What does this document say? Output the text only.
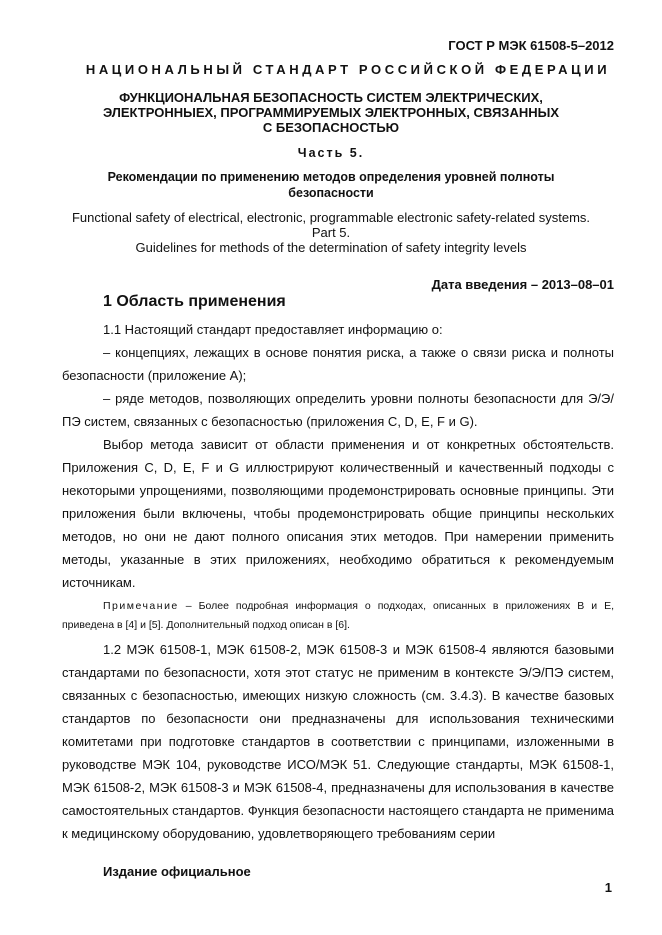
ГОСТ Р МЭК 61508-5–2012
НАЦИОНАЛЬНЫЙ СТАНДАРТ РОССИЙСКОЙ ФЕДЕРАЦИИ
ФУНКЦИОНАЛЬНАЯ БЕЗОПАСНОСТЬ СИСТЕМ ЭЛЕКТРИЧЕСКИХ,
ЭЛЕКТРОННЫЕХ, ПРОГРАММИРУЕМЫХ ЭЛЕКТРОННЫХ, СВЯЗАННЫХ
С БЕЗОПАСНОСТЬЮ
Часть 5.
Рекомендации по применению методов определения уровней полноты
безопасности
Functional safety of electrical, electronic, programmable electronic safety-related systems.
Part 5.
Guidelines for methods of the determination of safety integrity levels
Дата введения – 2013–08–01
1 Область применения

1.1 Настоящий стандарт предоставляет информацию о:

– концепциях, лежащих в основе понятия риска, а также о связи риска и полноты безопасности (приложение А);

– ряде методов, позволяющих определить уровни полноты безопасности для Э/Э/ПЭ систем, связанных с безопасностью (приложения С, D, E, F и G).

Выбор метода зависит от области применения и от конкретных обстоятельств. Приложения C, D, E, F и G иллюстрируют количественный и качественный подходы с некоторыми упрощениями, позволяющими продемонстрировать основные принципы. Эти приложения были включены, чтобы продемонстрировать общие принципы нескольких методов, но они не дают полного описания этих методов. При намерении применить методы, указанные в этих приложениях, необходимо обратиться к рекомендуемым источникам.

Примечание – Более подробная информация о подходах, описанных в приложениях B и E, приведена в [4] и [5]. Дополнительный подход описан в [6].

1.2 МЭК 61508-1, МЭК 61508-2, МЭК 61508-3 и МЭК 61508-4 являются базовыми стандартами по безопасности, хотя этот статус не применим в контексте Э/Э/ПЭ систем, связанных с безопасностью, имеющих низкую сложность (см. 3.4.3). В качестве базовых стандартов по безопасности они предназначены для использования техническими комитетами при подготовке стандартов в соответствии с принципами, изложенными в руководстве МЭК 104, руководстве ИСО/МЭК 51. Следующие стандарты, МЭК 61508-1, МЭК 61508-2, МЭК 61508-3 и МЭК 61508-4, предназначены для использования в качестве самостоятельных стандартов. Функция безопасности настоящего стандарта не применима к медицинскому оборудованию, удовлетворяющего требованиям серии

Издание официальное
1
